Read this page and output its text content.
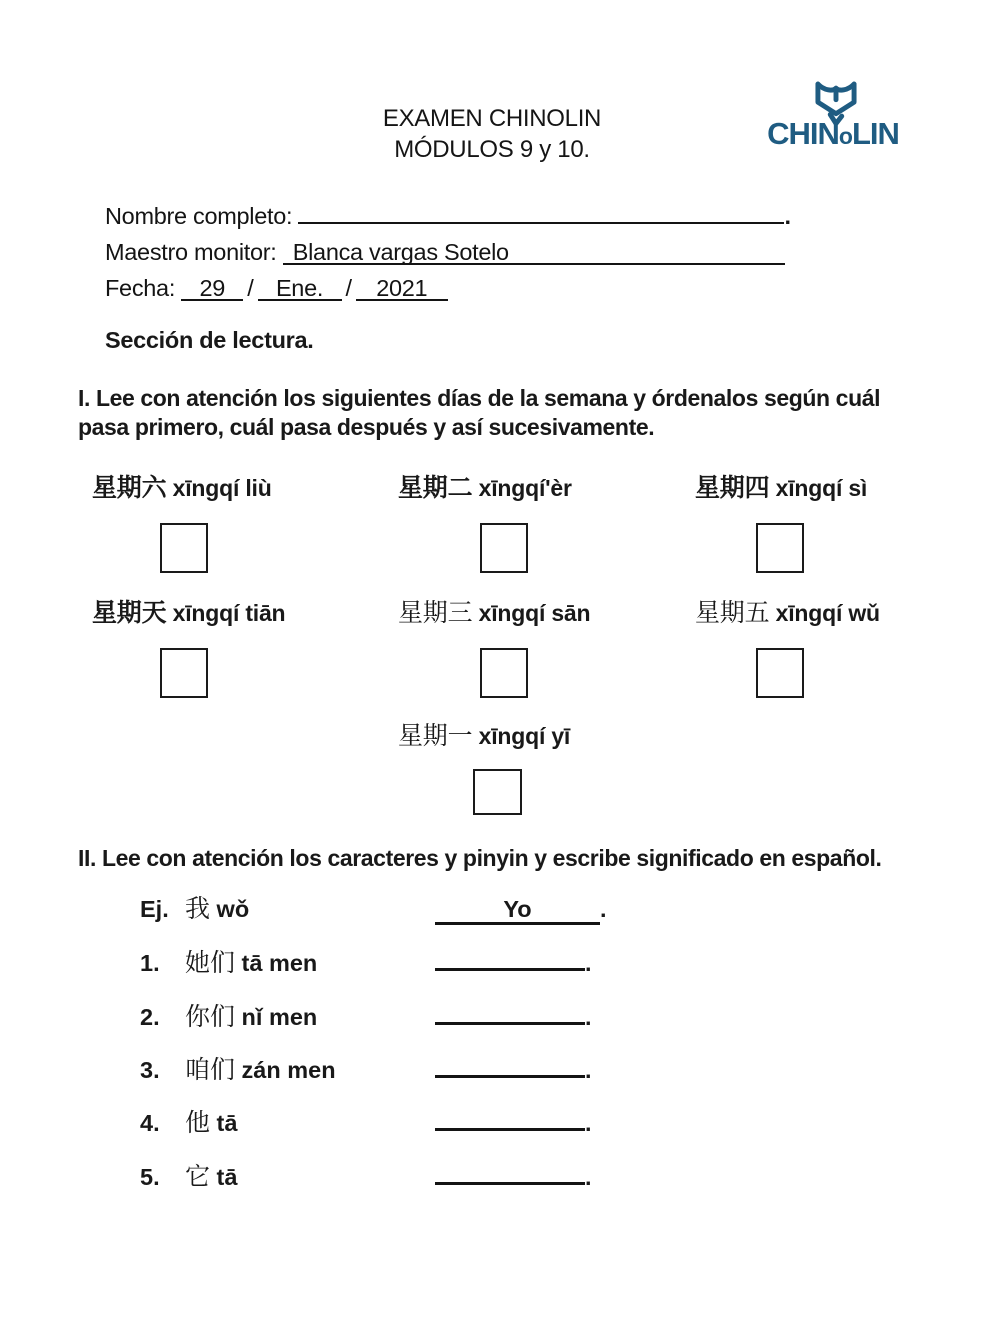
EXAMEN CHINOLIN
MÓDULOS 9 y 10.	CHINoLIN
Nombre completo:	.
Maestro monitor: Blanca vargas Sotelo
Fecha: 29 / Ene. / 2021
Sección de lectura.
I. Lee con atención los siguientes días de la semana y órdenalos según cuál pasa primero, cuál pasa después y así sucesivamente.
星期六 xīngqí liù	星期二 xīngqí'èr	星期四 xīngqí sì
星期天 xīngqí tiān	星期三 xīngqí sān	星期五 xīngqí wǔ
星期一 xīngqí yī
II. Lee con atención los caracteres y pinyin y escribe significado en español.
Ej. 我 wǒ	Yo	.
1. 她们 tā men	.
2. 你们 nǐ men	.
3. 咱们 zán men	.
4. 他 tā	.
5. 它 tā	.
